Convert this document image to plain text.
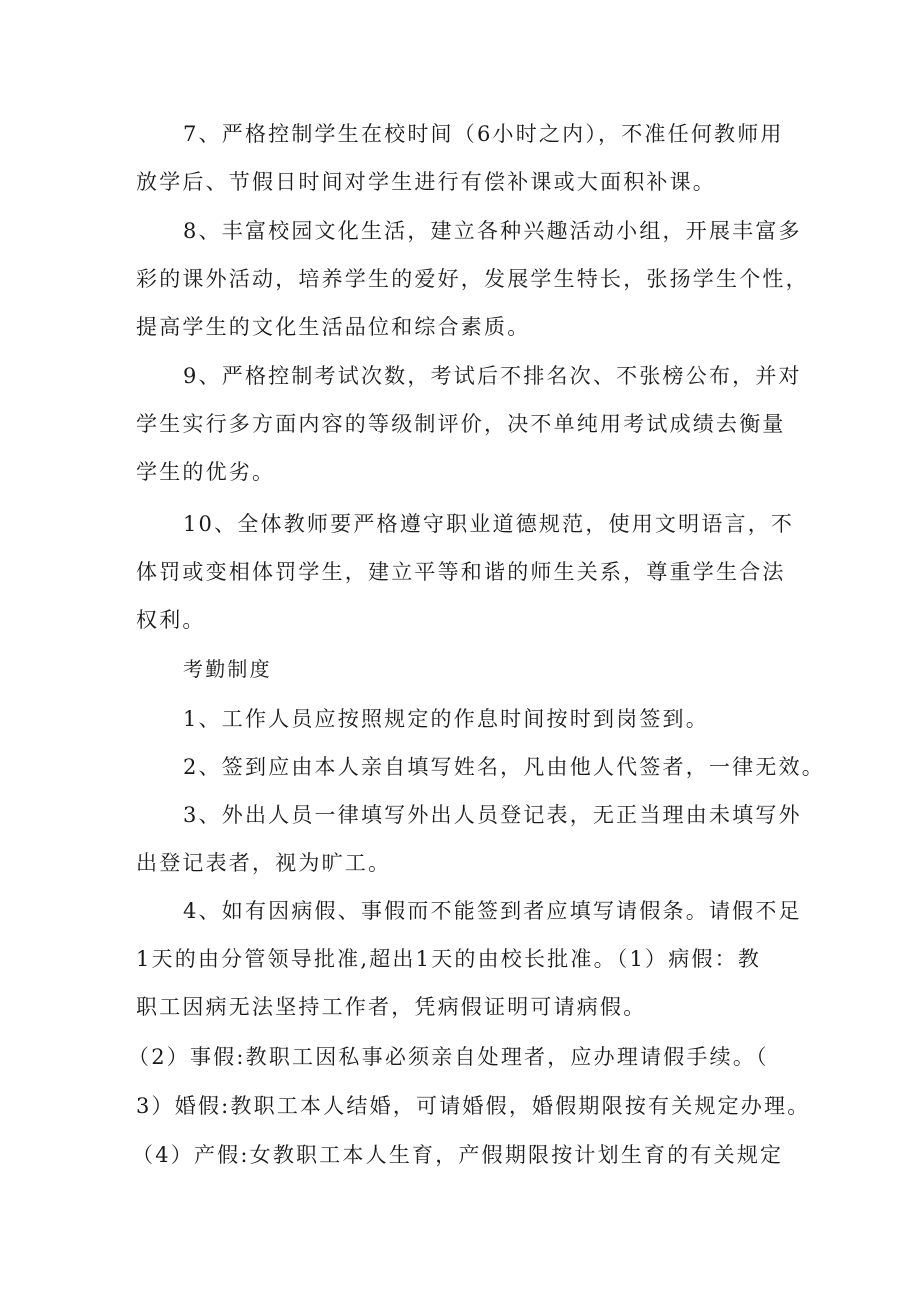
7、严格控制学生在校时间（6小时之内），不准任何教师用
放学后、节假日时间对学生进行有偿补课或大面积补课。
8、丰富校园文化生活，建立各种兴趣活动小组，开展丰富多
彩的课外活动，培养学生的爱好，发展学生特长，张扬学生个性，
提高学生的文化生活品位和综合素质。
9、严格控制考试次数，考试后不排名次、不张榜公布，并对
学生实行多方面内容的等级制评价，决不单纯用考试成绩去衡量
学生的优劣。
10、全体教师要严格遵守职业道德规范，使用文明语言，不
体罚或变相体罚学生，建立平等和谐的师生关系，尊重学生合法
权利。
考勤制度
1、工作人员应按照规定的作息时间按时到岗签到。
2、签到应由本人亲自填写姓名，凡由他人代签者，一律无效。
3、外出人员一律填写外出人员登记表，无正当理由未填写外
出登记表者，视为旷工。
4、如有因病假、事假而不能签到者应填写请假条。请假不足
1天的由分管领导批准,超出1天的由校长批准。（1）病假：教
职工因病无法坚持工作者，凭病假证明可请病假。
（2）事假:教职工因私事必须亲自处理者，应办理请假手续。（
3）婚假:教职工本人结婚，可请婚假，婚假期限按有关规定办理。
（4）产假:女教职工本人生育，产假期限按计划生育的有关规定
